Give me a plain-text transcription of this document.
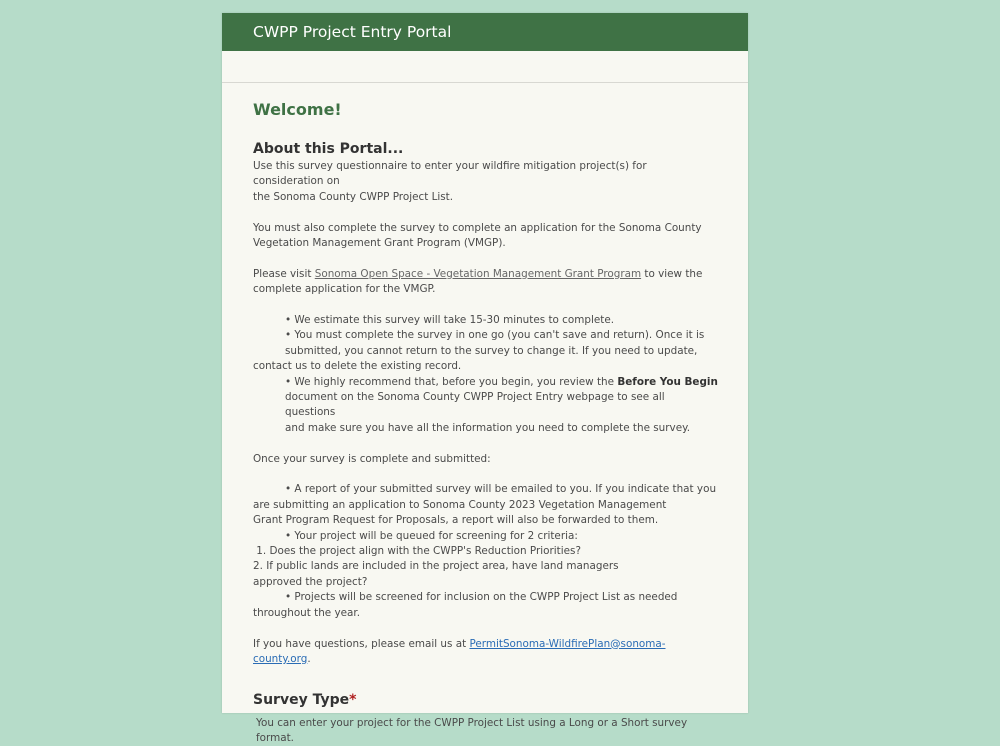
CWPP Project Entry Portal
Welcome!
About this Portal...

Use this survey questionnaire to enter your wildfire mitigation project(s) for consideration on

the Sonoma County CWPP Project List.

You must also complete the survey to complete an application for the Sonoma County

Vegetation Management Grant Program (VMGP).

Please visit Sonoma Open Space - Vegetation Management Grant Program to view the

complete application for the VMGP.

• We estimate this survey will take 15-30 minutes to complete.

• You must complete the survey in one go (you can't save and return). Once it is

submitted, you cannot return to the survey to change it. If you need to update,

contact us to delete the existing record.

• We highly recommend that, before you begin, you review the Before You Begin

document on the Sonoma County CWPP Project Entry webpage to see all questions

and make sure you have all the information you need to complete the survey.

Once your survey is complete and submitted:

• A report of your submitted survey will be emailed to you. If you indicate that you

are submitting an application to Sonoma County 2023 Vegetation Management

Grant Program Request for Proposals, a report will also be forwarded to them.

• Your project will be queued for screening for 2 criteria:

1. Does the project align with the CWPP's Reduction Priorities?

2. If public lands are included in the project area, have land managers

approved the project?

• Projects will be screened for inclusion on the CWPP Project List as needed

throughout the year.

If you have questions, please email us at PermitSonoma-WildfirePlan@sonoma-county.org.

Survey Type*
You can enter your project for the CWPP Project List using a Long or a Short survey format.
